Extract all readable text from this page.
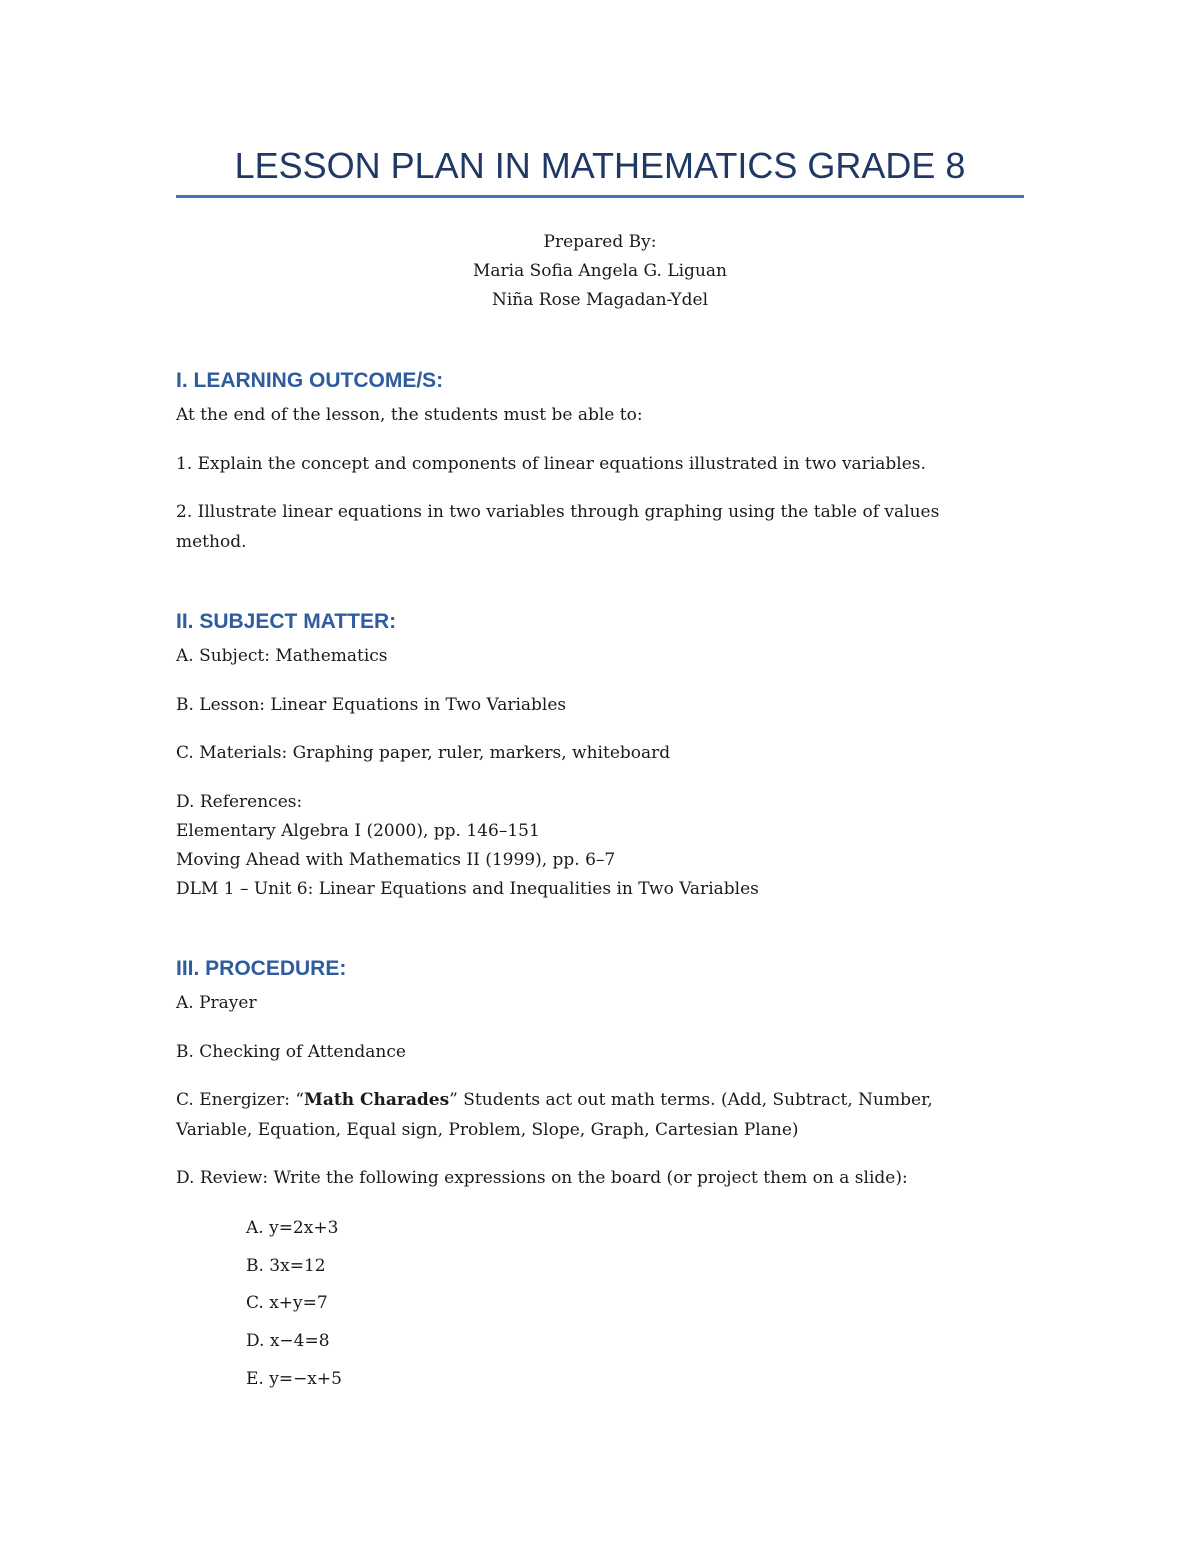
LESSON PLAN IN MATHEMATICS GRADE 8
Prepared By:
Maria Sofia Angela G. Liguan
Niña Rose Magadan-Ydel
I. LEARNING OUTCOME/S:
At the end of the lesson, the students must be able to:
1. Explain the concept and components of linear equations illustrated in two variables.
2. Illustrate linear equations in two variables through graphing using the table of values method.
II. SUBJECT MATTER:
A. Subject: Mathematics
B. Lesson: Linear Equations in Two Variables
C. Materials: Graphing paper, ruler, markers, whiteboard
D. References:
Elementary Algebra I (2000), pp. 146–151
Moving Ahead with Mathematics II (1999), pp. 6–7
DLM 1 – Unit 6: Linear Equations and Inequalities in Two Variables
III. PROCEDURE:
A. Prayer
B. Checking of Attendance
C. Energizer: “Math Charades” Students act out math terms. (Add, Subtract, Number, Variable, Equation, Equal sign, Problem, Slope, Graph, Cartesian Plane)
D. Review: Write the following expressions on the board (or project them on a slide):
A. y=2x+3
B. 3x=12
C. x+y=7
D. x−4=8
E. y=−x+5
